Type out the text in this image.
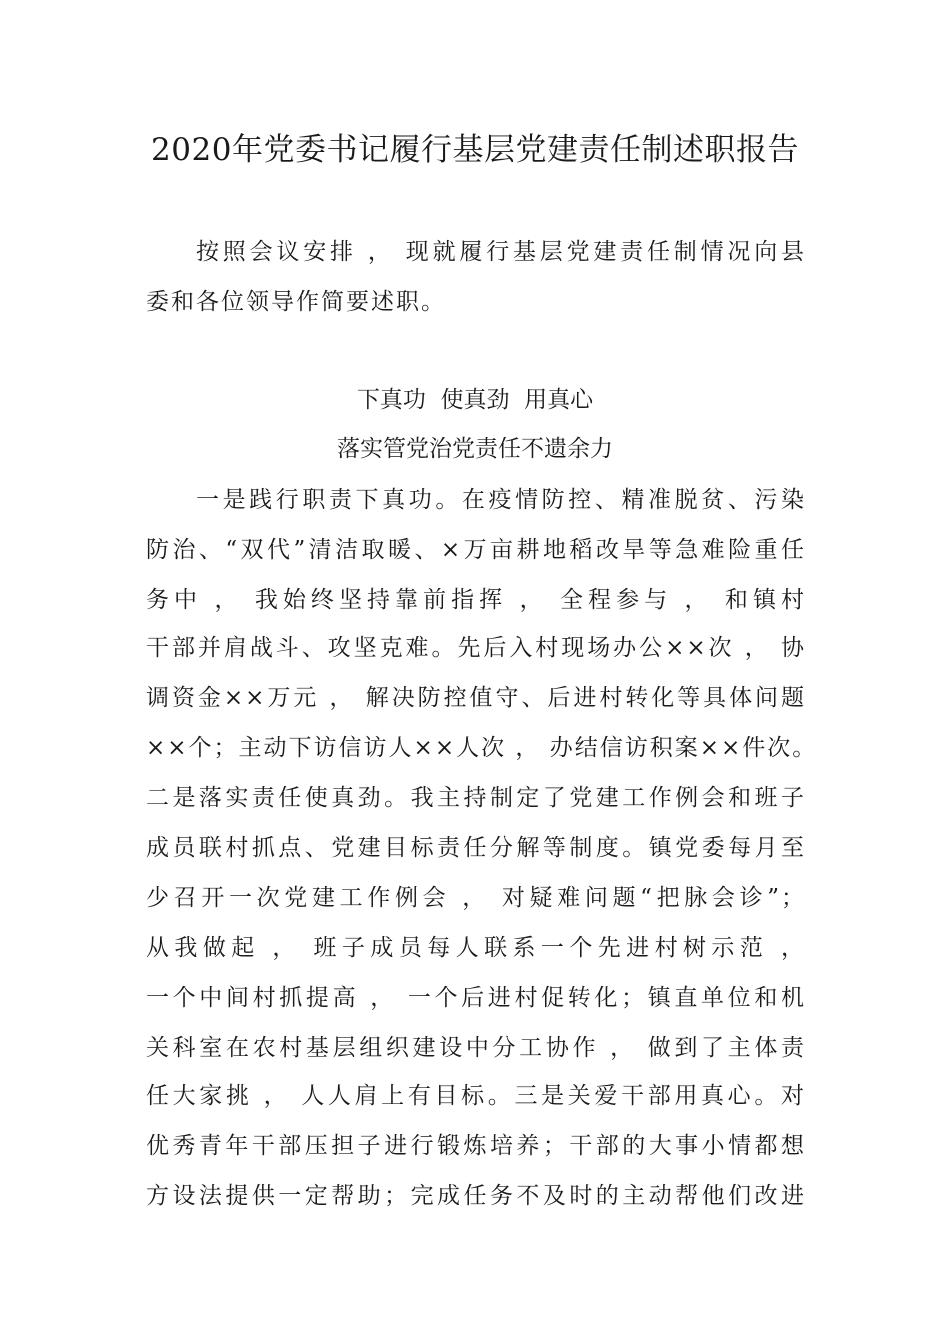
2020年党委书记履行基层党建责任制述职报告
按照会议安排 ， 现就履行基层党建责任制情况向县
委和各位领导作简要述职。
下真功  使真劲  用真心
落实管党治党责任不遗余力
一是践行职责下真功。在疫情防控、精准脱贫、污染
防治、“双代”清洁取暖、×万亩耕地稻改旱等急难险重任
务中 ， 我始终坚持靠前指挥 ， 全程参与 ， 和镇村
干部并肩战斗、攻坚克难。先后入村现场办公××次 ， 协
调资金××万元 ， 解决防控值守、后进村转化等具体问题
××个；主动下访信访人××人次 ， 办结信访积案××件次。
二是落实责任使真劲。我主持制定了党建工作例会和班子
成员联村抓点、党建目标责任分解等制度。镇党委每月至
少召开一次党建工作例会 ， 对疑难问题“把脉会诊”；
从我做起 ， 班子成员每人联系一个先进村树示范 ，
一个中间村抓提高 ， 一个后进村促转化；镇直单位和机
关科室在农村基层组织建设中分工协作 ， 做到了主体责
任大家挑 ， 人人肩上有目标。三是关爱干部用真心。对
优秀青年干部压担子进行锻炼培养；干部的大事小情都想
方设法提供一定帮助；完成任务不及时的主动帮他们改进
